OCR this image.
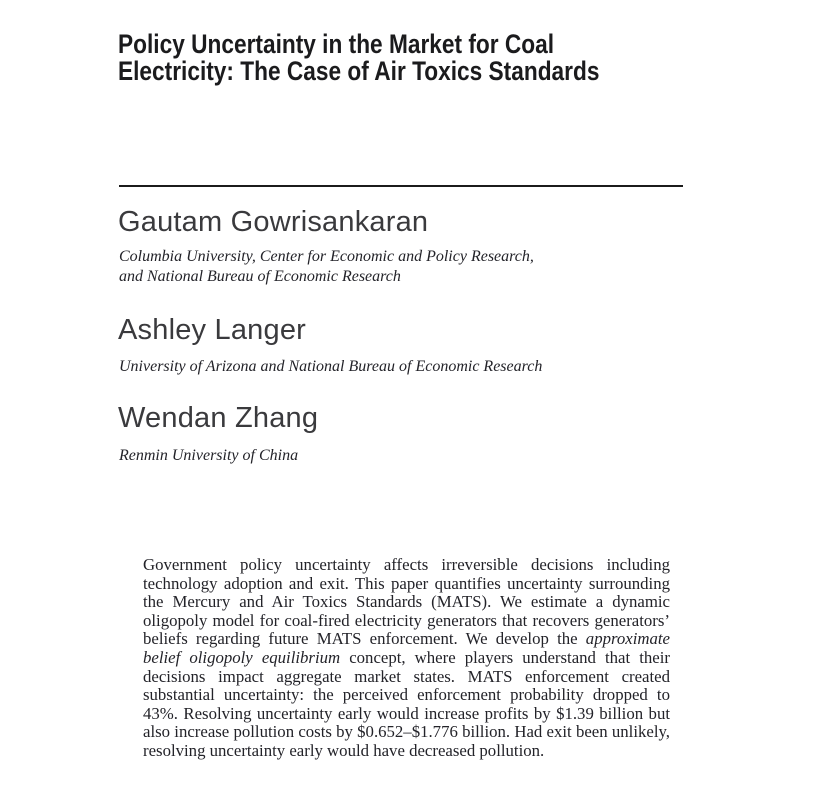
Policy Uncertainty in the Market for Coal
Electricity: The Case of Air Toxics Standards
Gautam Gowrisankaran
Columbia University, Center for Economic and Policy Research,
and National Bureau of Economic Research
Ashley Langer
University of Arizona and National Bureau of Economic Research
Wendan Zhang
Renmin University of China

Government policy uncertainty affects irreversible decisions including technology adoption and exit. This paper quantifies uncertainty surrounding the Mercury and Air Toxics Standards (MATS). We estimate a dynamic oligopoly model for coal-fired electricity generators that recovers generators’ beliefs regarding future MATS enforcement. We develop the approximate belief oligopoly equilibrium concept, where players understand that their decisions impact aggregate market states. MATS enforcement created substantial uncertainty: the perceived enforcement probability dropped to 43%. Resolving uncertainty early would increase profits by $1.39 billion but also increase pollution costs by $0.652–$1.776 billion. Had exit been unlikely, resolving uncertainty early would have decreased pollution.
